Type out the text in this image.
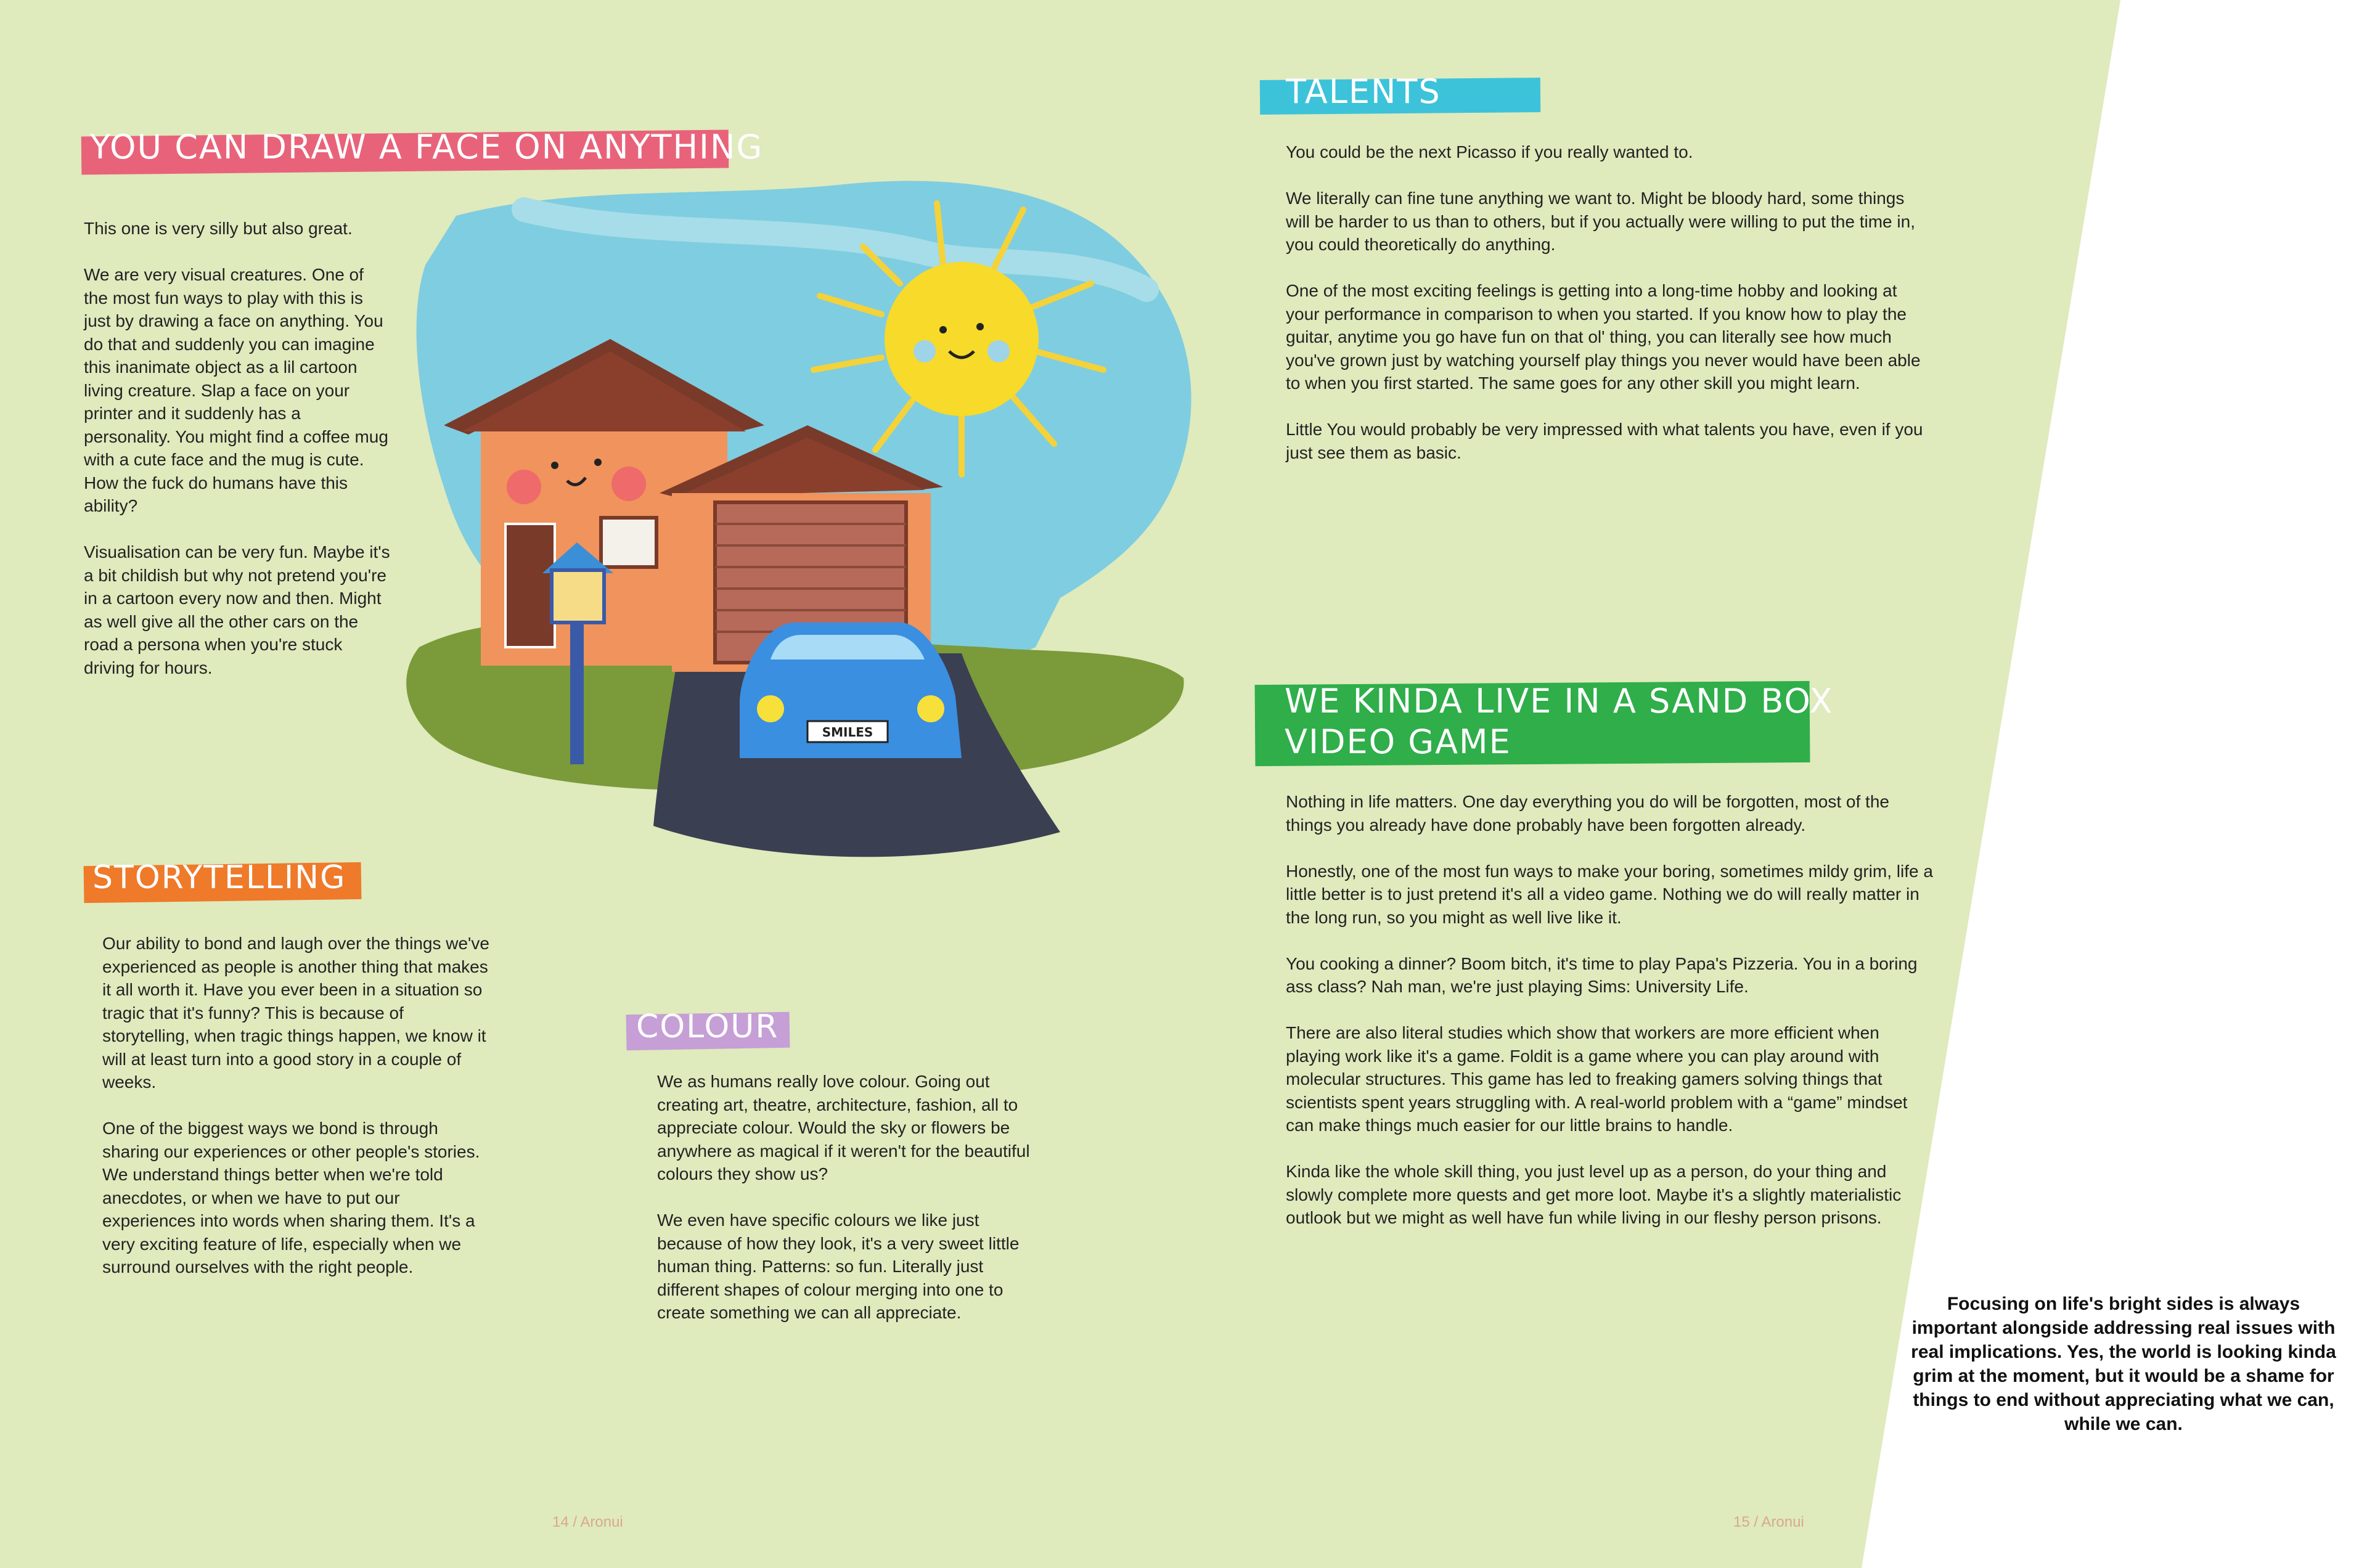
YOU CAN DRAW A FACE ON ANYTHING

This one is very silly but also great.

We are very visual creatures. One of the most fun ways to play with this is just by drawing a face on anything. You do that and suddenly you can imagine this inanimate object as a lil cartoon living creature. Slap a face on your printer and it suddenly has a personality. You might find a coffee mug with a cute face and the mug is cute. How the fuck do humans have this ability?

Visualisation can be very fun. Maybe it's a bit childish but why not pretend you're in a cartoon every now and then. Might as well give all the other cars on the road a persona when you're stuck driving for hours.

SMILES
STORYTELLING

Our ability to bond and laugh over the things we've experienced as people is another thing that makes it all worth it. Have you ever been in a situation so tragic that it's funny? This is because of storytelling, when tragic things happen, we know it will at least turn into a good story in a couple of weeks.

One of the biggest ways we bond is through sharing our experiences or other people's stories. We understand things better when we're told anecdotes, or when we have to put our experiences into words when sharing them. It's a very exciting feature of life, especially when we surround ourselves with the right people.

COLOUR

We as humans really love colour. Going out creating art, theatre, architecture, fashion, all to appreciate colour. Would the sky or flowers be anywhere as magical if it weren't for the beautiful colours they show us?

We even have specific colours we like just because of how they look, it's a very sweet little human thing. Patterns: so fun. Literally just different shapes of colour merging into one to create something we can all appreciate.

14 / Aronui
TALENTS

You could be the next Picasso if you really wanted to.

We literally can fine tune anything we want to. Might be bloody hard, some things will be harder to us than to others, but if you actually were willing to put the time in, you could theoretically do anything.

One of the most exciting feelings is getting into a long-time hobby and looking at your performance in comparison to when you started. If you know how to play the guitar, anytime you go have fun on that ol' thing, you can literally see how much you've grown just by watching yourself play things you never would have been able to when you first started. The same goes for any other skill you might learn.

Little You would probably be very impressed with what talents you have, even if you just see them as basic.

WE KINDA LIVE IN A SAND BOX
VIDEO GAME

Nothing in life matters. One day everything you do will be forgotten, most of the things you already have done probably have been forgotten already.

Honestly, one of the most fun ways to make your boring, sometimes mildy grim, life a little better is to just pretend it's all a video game. Nothing we do will really matter in the long run, so you might as well live like it.

You cooking a dinner? Boom bitch, it's time to play Papa's Pizzeria. You in a boring ass class? Nah man, we're just playing Sims: University Life.

There are also literal studies which show that workers are more efficient when playing work like it's a game. Foldit is a game where you can play around with molecular structures. This game has led to freaking gamers solving things that scientists spent years struggling with. A real-world problem with a “game” mindset can make things much easier for our little brains to handle.

Kinda like the whole skill thing, you just level up as a person, do your thing and slowly complete more quests and get more loot. Maybe it's a slightly materialistic outlook but we might as well have fun while living in our fleshy person prisons.

15 / Aronui
Focusing on life's bright sides is always important alongside addressing real issues with real implications. Yes, the world is looking kinda grim at the moment, but it would be a shame for things to end without appreciating what we can, while we can.
